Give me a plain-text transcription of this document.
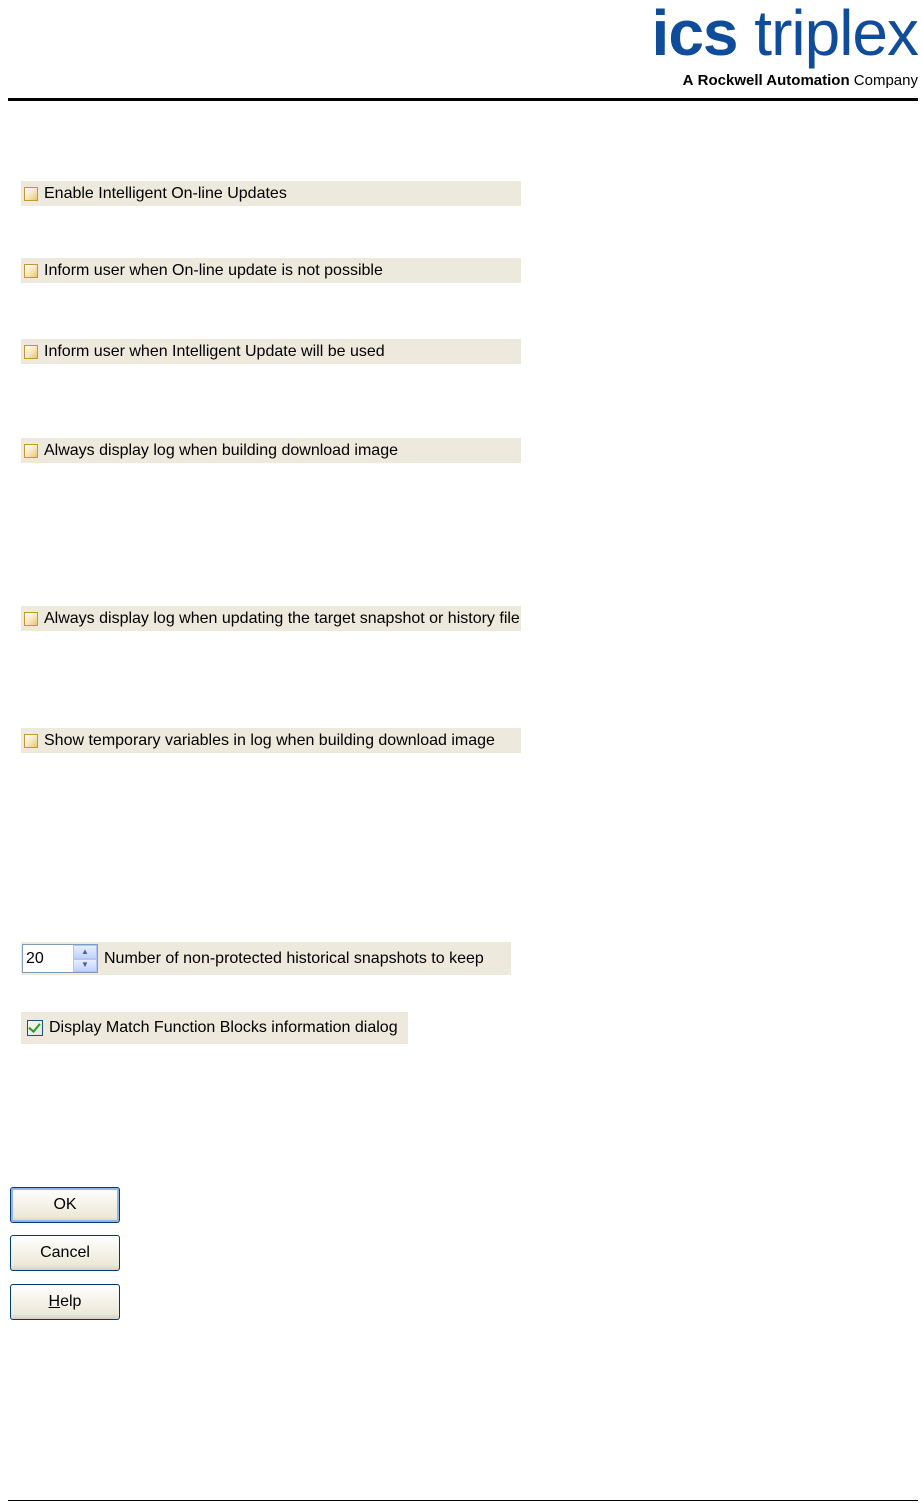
ics triplex
A Rockwell Automation Company
Enable Intelligent On-line Updates
Inform user when On-line update is not possible
Inform user when Intelligent Update will be used
Always display log when building download image
Always display log when updating the target snapshot or history file
Show temporary variables in log when building download image
20	▲
▼ Number of non-protected historical snapshots to keep
Display Match Function Blocks information dialog
OK
Cancel
Help
